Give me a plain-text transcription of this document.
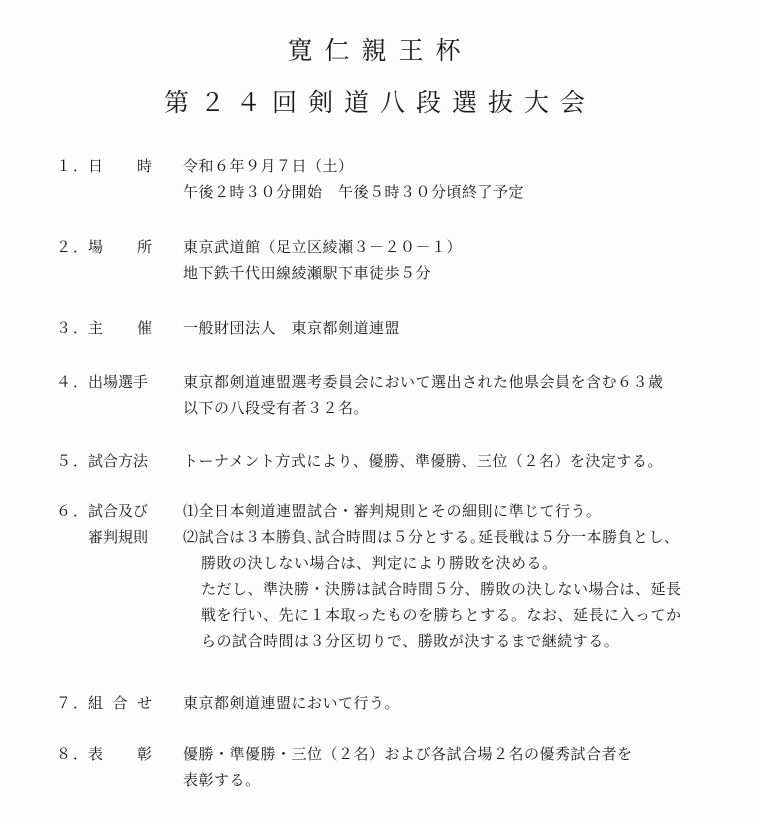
寛仁親王杯
第２４回剣道八段選抜大会
１．
日　時 令和６年９月７日（土）
午後２時３０分開始　午後５時３０分頃終了予定
２．
場　所 東京武道館（足立区綾瀬３－２０－１）
地下鉄千代田線綾瀬駅下車徒歩５分
３．
主　催 一般財団法人　東京都剣道連盟
４．
出場選手	東京都剣道連盟選考委員会において選出された他県会員を含む６３歳
以下の八段受有者３２名。
５．
試合方法	トーナメント方式により、優勝、準優勝、三位（２名）を決定する。
６．
試合及び
審判規則
⑴全日本剣道連盟試合・審判規則とその細則に準じて行う。
⑵試合は３本勝負､試合時間は５分とする｡延長戦は５分一本勝負とし、
勝敗の決しない場合は、判定により勝敗を決める。
ただし、準決勝・決勝は試合時間５分、勝敗の決しない場合は、延長
戦を行い、先に１本取ったものを勝ちとする。なお、延長に入ってか
らの試合時間は３分区切りで、勝敗が決するまで継続する。
７．
組合せ 東京都剣道連盟において行う。
８．
表　彰 優勝・準優勝・三位（２名）および各試合場２名の優秀試合者を
表彰する。
